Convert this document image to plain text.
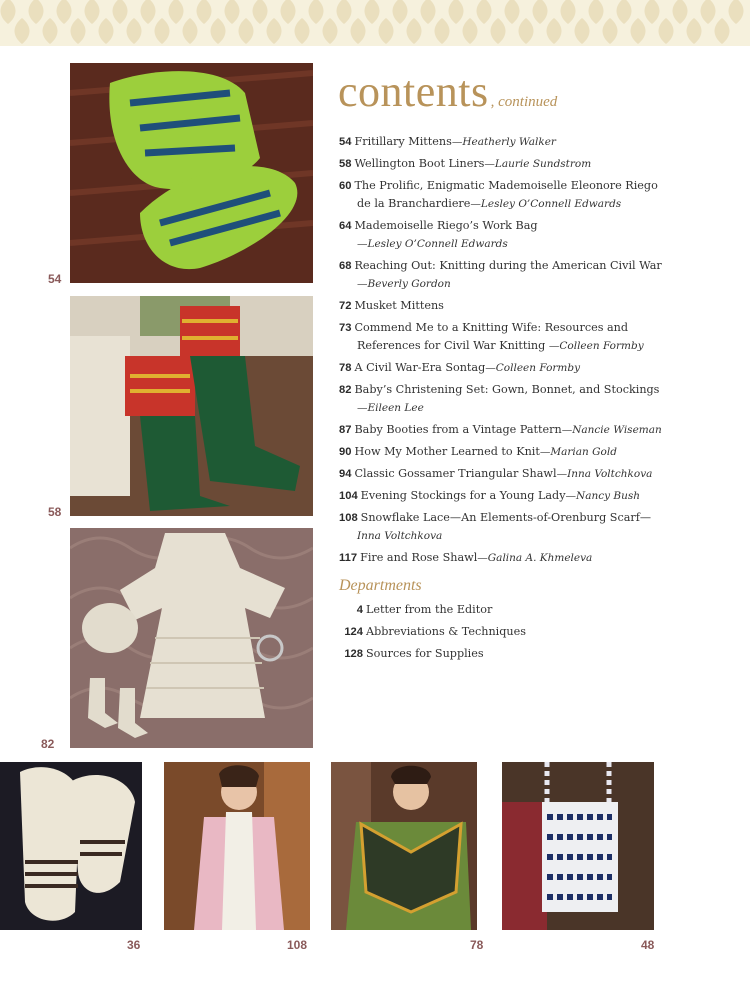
54
58
82
36	108	78	48
contents , continued
54 Fritillary Mittens—Heatherly Walker
58 Wellington Boot Liners—Laurie Sundstrom
60 The Prolific, Enigmatic Mademoiselle Eleonore Riego
de la Branchardiere—Lesley O’Connell Edwards
64 Mademoiselle Riego’s Work Bag
—Lesley O’Connell Edwards
68 Reaching Out: Knitting during the American Civil War
—Beverly Gordon
72 Musket Mittens
73 Commend Me to a Knitting Wife: Resources and
References for Civil War Knitting —Colleen Formby
78 A Civil War-Era Sontag—Colleen Formby
82 Baby’s Christening Set: Gown, Bonnet, and Stockings
—Eileen Lee
87 Baby Booties from a Vintage Pattern—Nancie Wiseman
90 How My Mother Learned to Knit—Marian Gold
94 Classic Gossamer Triangular Shawl—Inna Voltchkova
104 Evening Stockings for a Young Lady—Nancy Bush
108 Snowflake Lace—An Elements-of-Orenburg Scarf—
Inna Voltchkova
117 Fire and Rose Shawl—Galina A. Khmeleva
Departments
4 Letter from the Editor
124 Abbreviations & Techniques
128 Sources for Supplies
